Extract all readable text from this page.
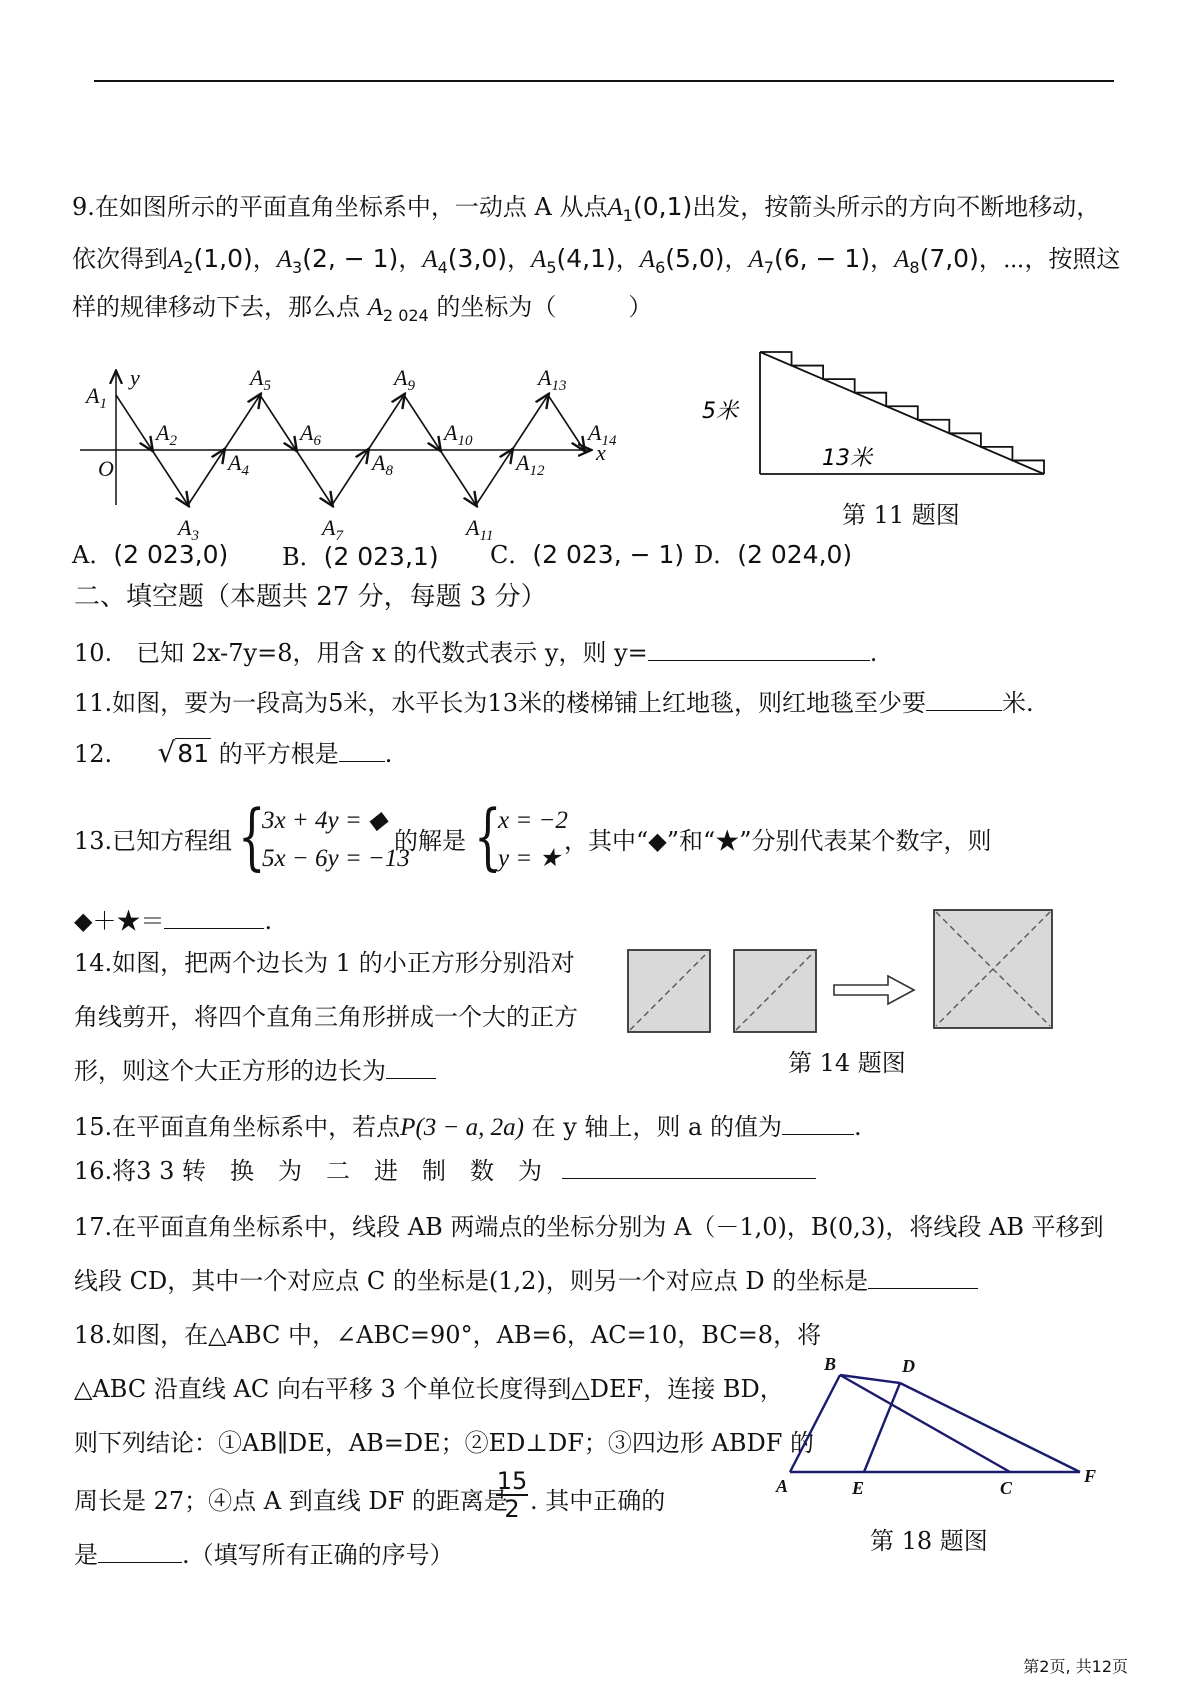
9.在如图所示的平面直角坐标系中，一动点 A 从点$A_1(0,1)$出发，按箭头所示的方向不断地移动，
依次得到$A_2(1,0)$，$A_3(2$, − 1)，$A_4(3,0)$，$A_5(4,1)$，$A_6(5,0)$，$A_7(6$, − 1)，$A_8(7,0)$，⋯，按照这
样的规律移动下去，那么点 $A_{2 024}$ 的坐标为（　　　）
y
x
O
$A_1$
$A_2$
$A_3$
$A_4$
$A_5$
$A_6$
$A_7$
$A_8$
$A_9$
$A_{10}$
$A_{11}$
$A_{12}$
$A_{13}$
$A_{14}$
5米
13米
第 11 题图
A．(2 023,0) B．(2 023,1) C．(2 023, − 1) D．(2 024,0)
二、填空题（本题共 27 分，每题 3 分）
10.　已知 2x-7y=8，用含 x 的代数式表示 y，则 y=	.
11.如图，要为一段高为5米，水平长为13米的楼梯铺上红地毯，则红地毯至少要	米.
12. √81 的平方根是 .
13.已知方程组 {
3x + 4y = ◆
5x − 6y = −13
的解是 {
x = −2
y = ★
，其中“◆”和“★”分别代表某个数字，则
◆＋★＝	.
14.如图，把两个边长为 1 的小正方形分别沿对
角线剪开，将四个直角三角形拼成一个大的正方
形，则这个大正方形的边长为	第 14 题图
15.在平面直角坐标系中，若点P(3 − a, 2a) 在 y 轴上，则 a 的值为	.
16.将3 3 转　换　为　二　进　制　数　为
17.在平面直角坐标系中，线段 AB 两端点的坐标分别为 A（－1,0)，B(0,3)，将线段 AB 平移到
线段 CD，其中一个对应点 C 的坐标是(1,2)，则另一个对应点 D 的坐标是
18.如图，在△ABC 中，∠ABC=90°，AB=6，AC=10，BC=8，将
△ABC 沿直线 AC 向右平移 3 个单位长度得到△DEF，连接 BD，
则下列结论：①AB∥DE，AB=DE；②ED⊥DF；③四边形 ABDF 的
周长是 27；④点 A 到直线 DF 的距离是
$\frac{15}{2}$ . 其中正确的
是	.（填写所有正确的序号）
B	D
A	E	C
F
第 18 题图
第2页, 共12页
